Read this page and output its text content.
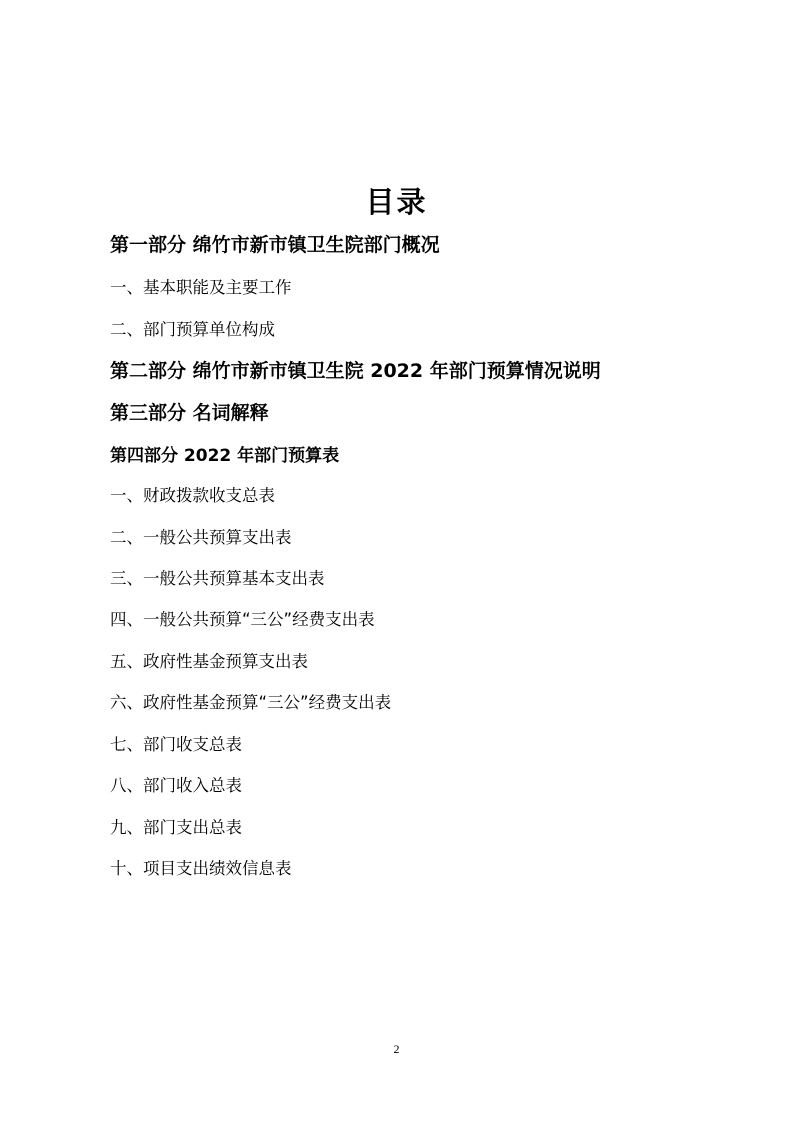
目录
第一部分 绵竹市新市镇卫生院部门概况
一、基本职能及主要工作
二、部门预算单位构成
第二部分 绵竹市新市镇卫生院 2022 年部门预算情况说明
第三部分 名词解释
第四部分 2022 年部门预算表
一、财政拨款收支总表
二、一般公共预算支出表
三、一般公共预算基本支出表
四、一般公共预算“三公”经费支出表
五、政府性基金预算支出表
六、政府性基金预算“三公”经费支出表
七、部门收支总表
八、部门收入总表
九、部门支出总表
十、项目支出绩效信息表
2
